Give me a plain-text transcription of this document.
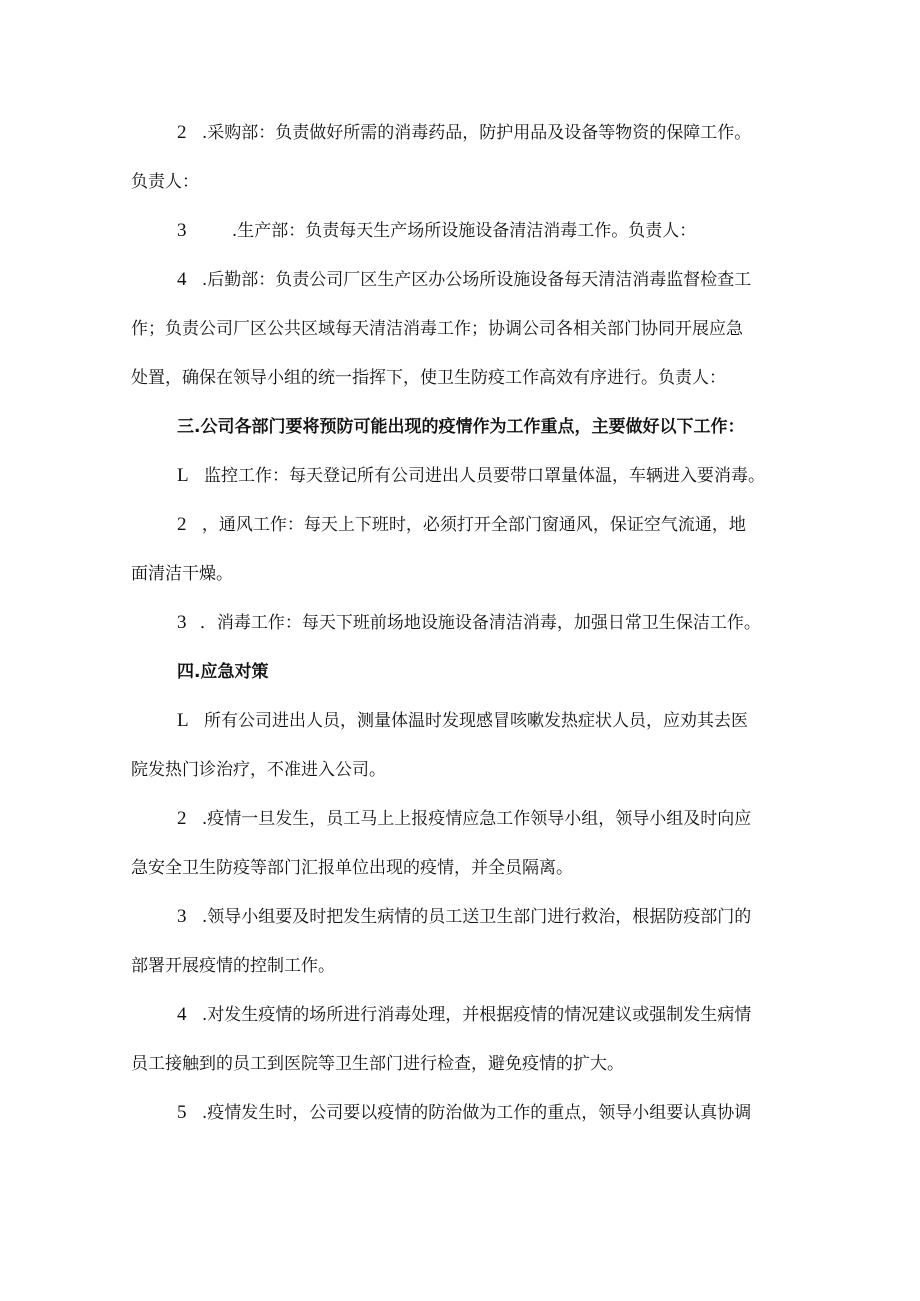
2 .采购部：负责做好所需的消毒药品，防护用品及设备等物资的保障工作。
负责人：
3	.生产部：负责每天生产场所设施设备清洁消毒工作。负责人：
4 .后勤部：负责公司厂区生产区办公场所设施设备每天清洁消毒监督检查工
作；负责公司厂区公共区域每天清洁消毒工作；协调公司各相关部门协同开展应急
处置，确保在领导小组的统一指挥下，使卫生防疫工作高效有序进行。负责人：
三.公司各部门要将预防可能出现的疫情作为工作重点，主要做好以下工作：
L 监控工作：每天登记所有公司进出人员要带口罩量体温，车辆进入要消毒。
2 ，通风工作：每天上下班时，必须打开全部门窗通风，保证空气流通，地
面清洁干燥。
3 ．消毒工作：每天下班前场地设施设备清洁消毒，加强日常卫生保洁工作。
四.应急对策
L 所有公司进出人员，测量体温时发现感冒咳嗽发热症状人员，应劝其去医
院发热门诊治疗，不准进入公司。
2 .疫情一旦发生，员工马上上报疫情应急工作领导小组，领导小组及时向应
急安全卫生防疫等部门汇报单位出现的疫情，并全员隔离。
3 .领导小组要及时把发生病情的员工送卫生部门进行救治，根据防疫部门的
部署开展疫情的控制工作。
4 .对发生疫情的场所进行消毒处理，并根据疫情的情况建议或强制发生病情
员工接触到的员工到医院等卫生部门进行检查，避免疫情的扩大。
5 .疫情发生时，公司要以疫情的防治做为工作的重点，领导小组要认真协调
